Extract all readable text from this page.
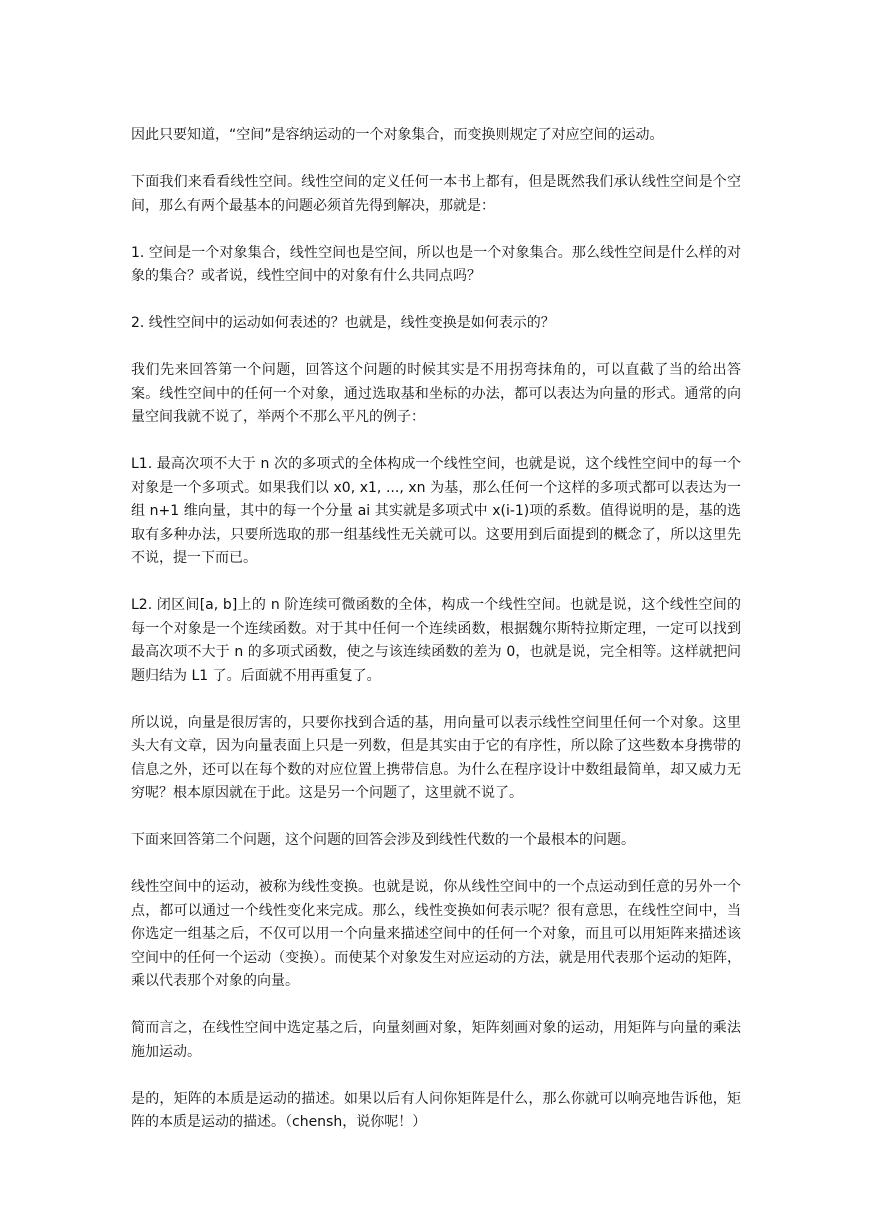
因此只要知道，“空间”是容纳运动的一个对象集合，而变换则规定了对应空间的运动。

下面我们来看看线性空间。线性空间的定义任何一本书上都有，但是既然我们承认线性空间是个空间，那么有两个最基本的问题必须首先得到解决，那就是：

1. 空间是一个对象集合，线性空间也是空间，所以也是一个对象集合。那么线性空间是什么样的对象的集合？或者说，线性空间中的对象有什么共同点吗？

2. 线性空间中的运动如何表述的？也就是，线性变换是如何表示的？

我们先来回答第一个问题，回答这个问题的时候其实是不用拐弯抹角的，可以直截了当的给出答案。线性空间中的任何一个对象，通过选取基和坐标的办法，都可以表达为向量的形式。通常的向量空间我就不说了，举两个不那么平凡的例子：

L1. 最高次项不大于 n 次的多项式的全体构成一个线性空间，也就是说，这个线性空间中的每一个对象是一个多项式。如果我们以 x0, x1, ..., xn 为基，那么任何一个这样的多项式都可以表达为一组 n+1 维向量，其中的每一个分量 ai 其实就是多项式中 x(i-1)项的系数。值得说明的是，基的选取有多种办法，只要所选取的那一组基线性无关就可以。这要用到后面提到的概念了，所以这里先不说，提一下而已。

L2. 闭区间[a, b]上的 n 阶连续可微函数的全体，构成一个线性空间。也就是说，这个线性空间的每一个对象是一个连续函数。对于其中任何一个连续函数，根据魏尔斯特拉斯定理，一定可以找到最高次项不大于 n 的多项式函数，使之与该连续函数的差为 0，也就是说，完全相等。这样就把问题归结为 L1 了。后面就不用再重复了。

所以说，向量是很厉害的，只要你找到合适的基，用向量可以表示线性空间里任何一个对象。这里头大有文章，因为向量表面上只是一列数，但是其实由于它的有序性，所以除了这些数本身携带的信息之外，还可以在每个数的对应位置上携带信息。为什么在程序设计中数组最简单，却又威力无穷呢？根本原因就在于此。这是另一个问题了，这里就不说了。

下面来回答第二个问题，这个问题的回答会涉及到线性代数的一个最根本的问题。

线性空间中的运动，被称为线性变换。也就是说，你从线性空间中的一个点运动到任意的另外一个点，都可以通过一个线性变化来完成。那么，线性变换如何表示呢？很有意思，在线性空间中，当你选定一组基之后，不仅可以用一个向量来描述空间中的任何一个对象，而且可以用矩阵来描述该空间中的任何一个运动（变换）。而使某个对象发生对应运动的方法，就是用代表那个运动的矩阵，乘以代表那个对象的向量。

简而言之，在线性空间中选定基之后，向量刻画对象，矩阵刻画对象的运动，用矩阵与向量的乘法施加运动。

是的，矩阵的本质是运动的描述。如果以后有人问你矩阵是什么，那么你就可以响亮地告诉他，矩阵的本质是运动的描述。（chensh，说你呢！）
